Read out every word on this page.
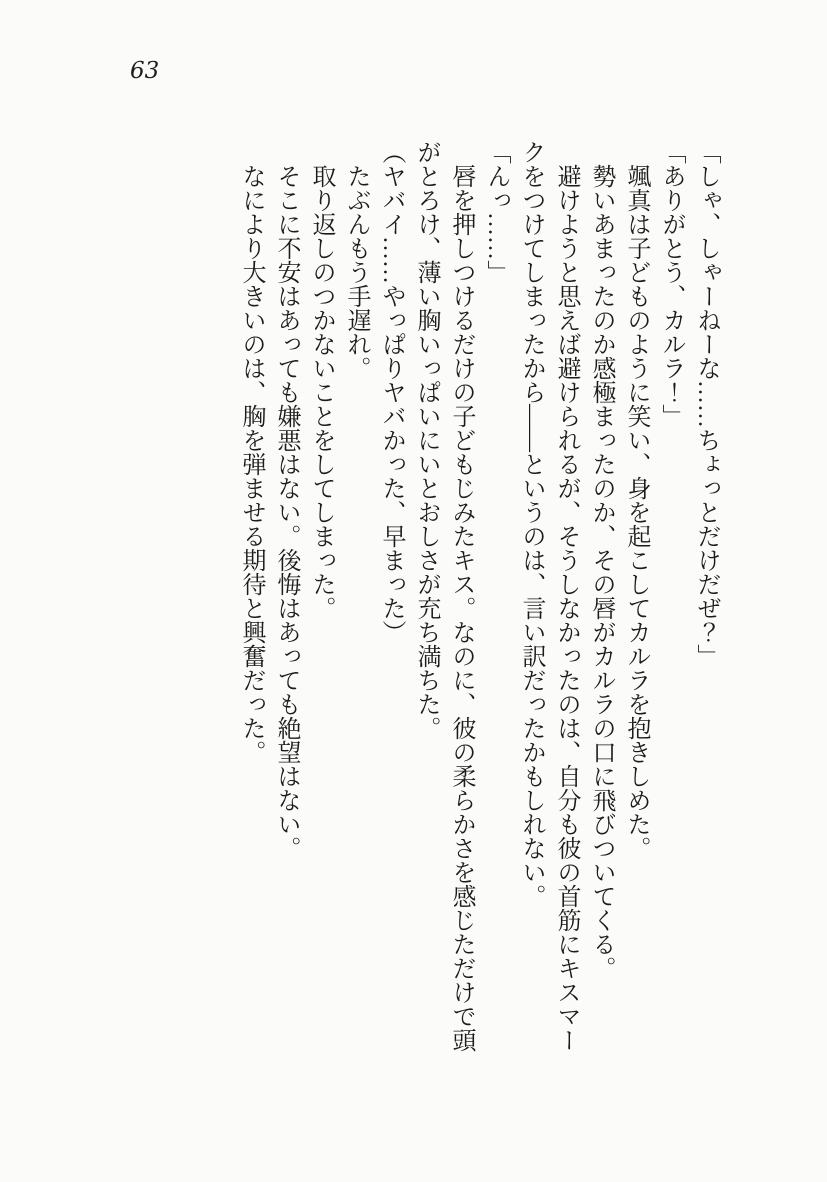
63

「しゃ、しゃーねーな……ちょっとだけだぜ？」

「ありがとう、カルラ！」

颯真は子どものように笑い、身を起こしてカルラを抱きしめた。

勢いあまったのか感極まったのか、その唇がカルラの口に飛びついてくる。

避けようと思えば避けられるが、そうしなかったのは、自分も彼の首筋にキスマークをつけてしまったから――というのは、言い訳だったかもしれない。

「んっ……」

唇を押しつけるだけの子どもじみたキス。なのに、彼の柔らかさを感じただけで頭がとろけ、薄い胸いっぱいにいとおしさが充ち満ちた。

（ヤバイ……やっぱりヤバかった、早まった）

たぶんもう手遅れ。

取り返しのつかないことをしてしまった。

そこに不安はあっても嫌悪はない。後悔はあっても絶望はない。

なにより大きいのは、胸を弾ませる期待と興奮だった。
